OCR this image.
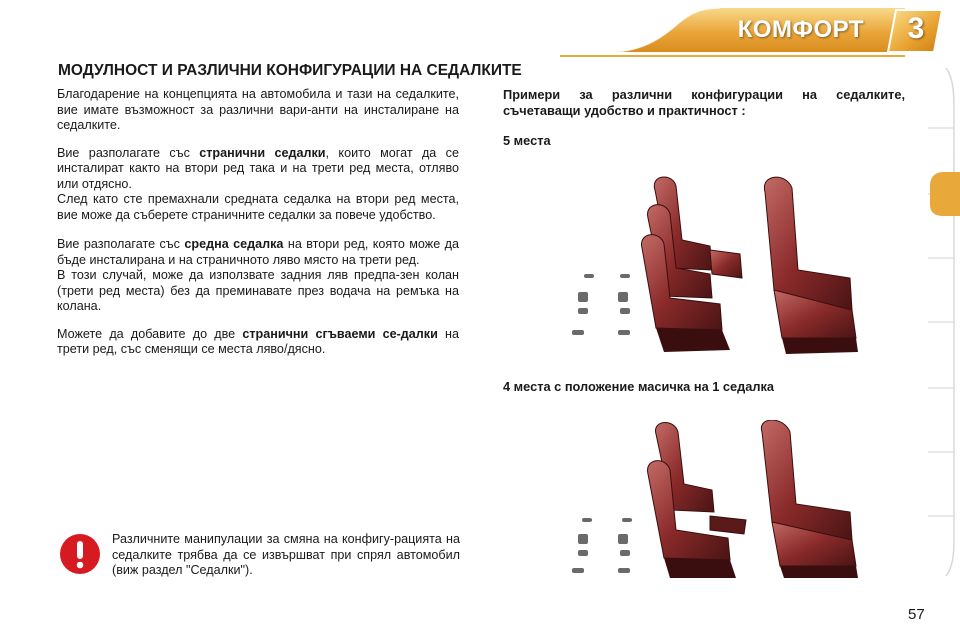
КОМФОРТ	3
МОДУЛНОСТ И РАЗЛИЧНИ КОНФИГУРАЦИИ НА СЕДАЛКИТЕ

Благодарение на концепцията на автомобила и тази на седалките, вие имате възможност за различни вари-анти на инсталиране на седалките.

Вие разполагате със странични седалки, които могат да се инсталират както на втори ред така и на трети ред места, отляво или отдясно.

След като сте премахнали средната седалка на втори ред места, вие може да съберете страничните седалки за повече удобство.

Вие разполагате със средна седалка на втори ред, която може да бъде инсталирана и на страничното ляво място на трети ред.

В този случай, може да използвате задния ляв предпа-зен колан (трети ред места) без да преминавате през водача на ремъка на колана.

Можете да добавите до две странични сгъваеми се-далки на трети ред, със сменящи се места ляво/дясно.

Примери за различни конфигурации на седалките, съчетаващи удобство и практичност :
5 места
4 места с положение масичка на 1 седалка
Различните манипулации за смяна на конфигу-рацията на седалките трябва да се извършват при спрял автомобил (виж раздел "Седалки").
57
